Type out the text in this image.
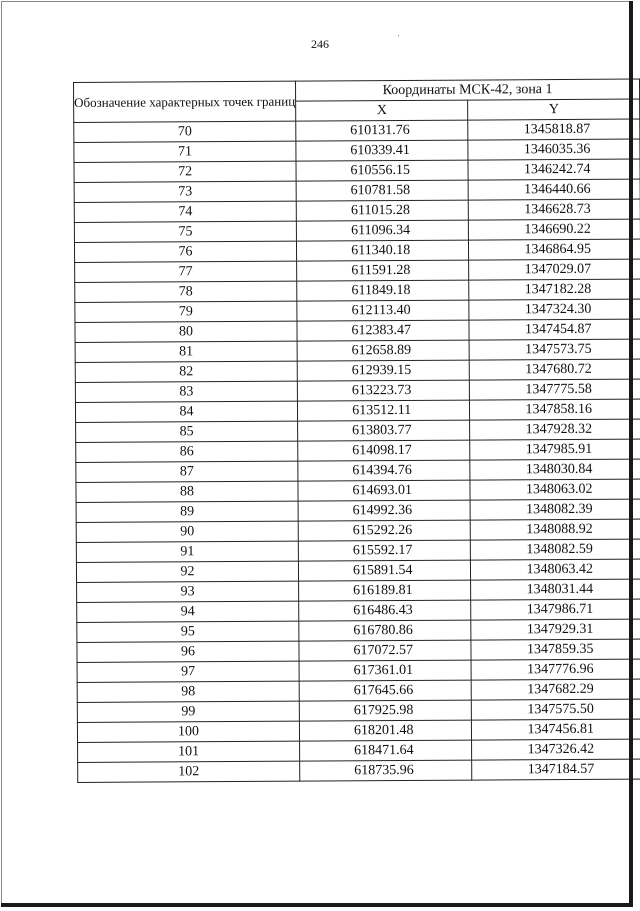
246
Обозначение характерных точек границ	Координаты МСК-42, зона 1	
	X	Y
70	610131.76	1345818.87
71	610339.41	1346035.36
72	610556.15	1346242.74
73	610781.58	1346440.66
74	611015.28	1346628.73
75	611096.34	1346690.22
76	611340.18	1346864.95
77	611591.28	1347029.07
78	611849.18	1347182.28
79	612113.40	1347324.30
80	612383.47	1347454.87
81	612658.89	1347573.75
82	612939.15	1347680.72
83	613223.73	1347775.58
84	613512.11	1347858.16
85	613803.77	1347928.32
86	614098.17	1347985.91
87	614394.76	1348030.84
88	614693.01	1348063.02
89	614992.36	1348082.39
90	615292.26	1348088.92
91	615592.17	1348082.59
92	615891.54	1348063.42
93	616189.81	1348031.44
94	616486.43	1347986.71
95	616780.86	1347929.31
96	617072.57	1347859.35
97	617361.01	1347776.96
98	617645.66	1347682.29
99	617925.98	1347575.50
100	618201.48	1347456.81
101	618471.64	1347326.42
102	618735.96	1347184.57
